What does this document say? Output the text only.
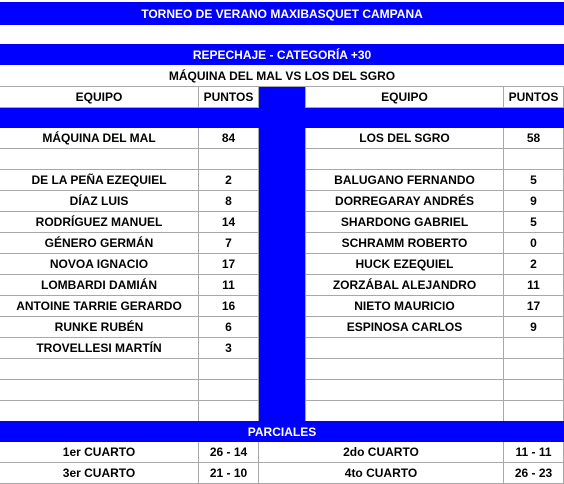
TORNEO DE VERANO MAXIBASQUET CAMPANA
REPECHAJE - CATEGORÍA +30
MÁQUINA DEL MAL VS LOS DEL SGRO
EQUIPO	PUNTOS	EQUIPO	PUNTOS
MÁQUINA DEL MAL	84	LOS DEL SGRO	58
DE LA PEÑA EZEQUIEL	2	BALUGANO FERNANDO	5
DÍAZ LUIS	8	DORREGARAY ANDRÉS	9
RODRÍGUEZ MANUEL	14	SHARDONG GABRIEL	5
GÉNERO GERMÁN	7	SCHRAMM ROBERTO	0
NOVOA IGNACIO	17	HUCK EZEQUIEL	2
LOMBARDI DAMIÁN	11	ZORZÁBAL ALEJANDRO	11
ANTOINE TARRIE GERARDO	16	NIETO MAURICIO	17
RUNKE RUBÉN	6	ESPINOSA CARLOS	9
TROVELLESI MARTÍN	3
PARCIALES
1er CUARTO	26 - 14	2do CUARTO	11 - 11
3er CUARTO	21 - 10	4to CUARTO	26 - 23
